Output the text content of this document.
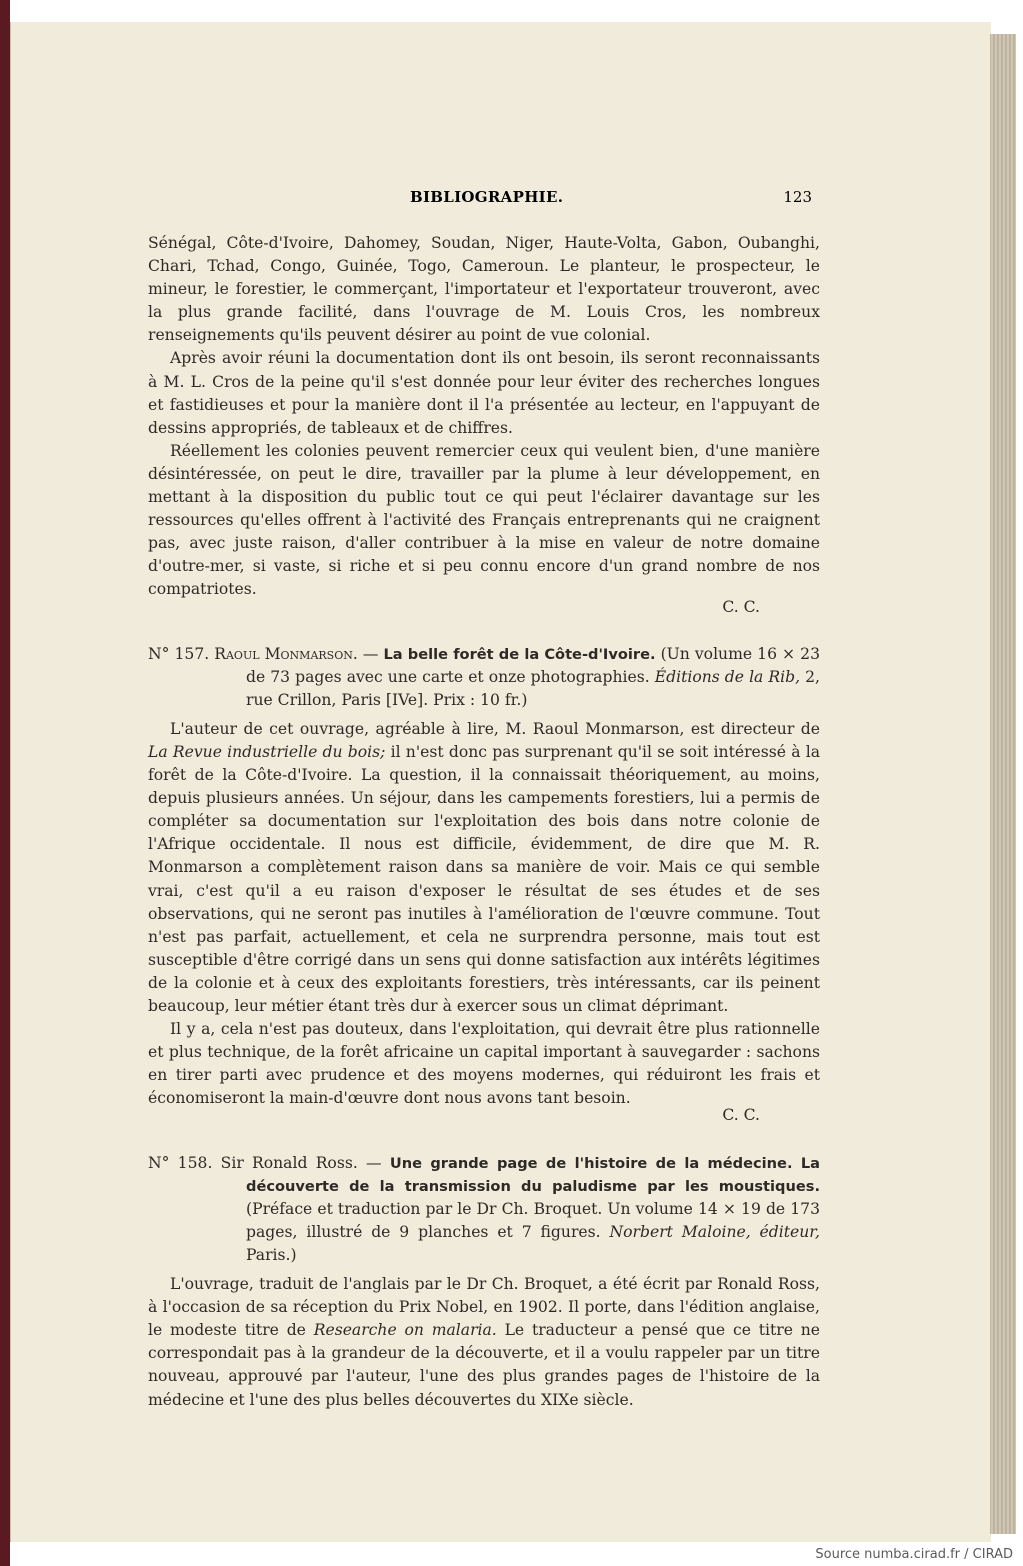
BIBLIOGRAPHIE.	123

Sénégal, Côte-d'Ivoire, Dahomey, Soudan, Niger, Haute-Volta, Gabon, Oubanghi, Chari, Tchad, Congo, Guinée, Togo, Cameroun. Le planteur, le prospecteur, le mineur, le forestier, le commerçant, l'importateur et l'exportateur trouveront, avec la plus grande facilité, dans l'ouvrage de M. Louis Cros, les nombreux renseignements qu'ils peuvent désirer au point de vue colonial.

Après avoir réuni la documentation dont ils ont besoin, ils seront reconnaissants à M. L. Cros de la peine qu'il s'est donnée pour leur éviter des recherches longues et fastidieuses et pour la manière dont il l'a présentée au lecteur, en l'appuyant de dessins appropriés, de tableaux et de chiffres.

Réellement les colonies peuvent remercier ceux qui veulent bien, d'une manière désintéressée, on peut le dire, travailler par la plume à leur développement, en mettant à la disposition du public tout ce qui peut l'éclairer davantage sur les ressources qu'elles offrent à l'activité des Français entreprenants qui ne craignent pas, avec juste raison, d'aller contribuer à la mise en valeur de notre domaine d'outre-mer, si vaste, si riche et si peu connu encore d'un grand nombre de nos compatriotes.

C. C.

N° 157. Raoul Monmarson. — La belle forêt de la Côte-d'Ivoire. (Un volume 16 × 23 de 73 pages avec une carte et onze photographies. Éditions de la Rib, 2, rue Crillon, Paris [IVe]. Prix : 10 fr.)

L'auteur de cet ouvrage, agréable à lire, M. Raoul Monmarson, est directeur de La Revue industrielle du bois; il n'est donc pas surprenant qu'il se soit intéressé à la forêt de la Côte-d'Ivoire. La question, il la connaissait théoriquement, au moins, depuis plusieurs années. Un séjour, dans les campements forestiers, lui a permis de compléter sa documentation sur l'exploitation des bois dans notre colonie de l'Afrique occidentale. Il nous est difficile, évidemment, de dire que M. R. Monmarson a complètement raison dans sa manière de voir. Mais ce qui semble vrai, c'est qu'il a eu raison d'exposer le résultat de ses études et de ses observations, qui ne seront pas inutiles à l'amélioration de l'œuvre commune. Tout n'est pas parfait, actuellement, et cela ne surprendra personne, mais tout est susceptible d'être corrigé dans un sens qui donne satisfaction aux intérêts légitimes de la colonie et à ceux des exploitants forestiers, très intéressants, car ils peinent beaucoup, leur métier étant très dur à exercer sous un climat déprimant.

Il y a, cela n'est pas douteux, dans l'exploitation, qui devrait être plus rationnelle et plus technique, de la forêt africaine un capital important à sauvegarder : sachons en tirer parti avec prudence et des moyens modernes, qui réduiront les frais et économiseront la main-d'œuvre dont nous avons tant besoin.

C. C.

N° 158. Sir Ronald Ross. — Une grande page de l'histoire de la médecine. La découverte de la transmission du paludisme par les moustiques. (Préface et traduction par le Dr Ch. Broquet. Un volume 14 × 19 de 173 pages, illustré de 9 planches et 7 figures. Norbert Maloine, éditeur, Paris.)

L'ouvrage, traduit de l'anglais par le Dr Ch. Broquet, a été écrit par Ronald Ross, à l'occasion de sa réception du Prix Nobel, en 1902. Il porte, dans l'édition anglaise, le modeste titre de Researche on malaria. Le traducteur a pensé que ce titre ne correspondait pas à la grandeur de la découverte, et il a voulu rappeler par un titre nouveau, approuvé par l'auteur, l'une des plus grandes pages de l'histoire de la médecine et l'une des plus belles découvertes du XIXe siècle.

Source numba.cirad.fr / CIRAD
